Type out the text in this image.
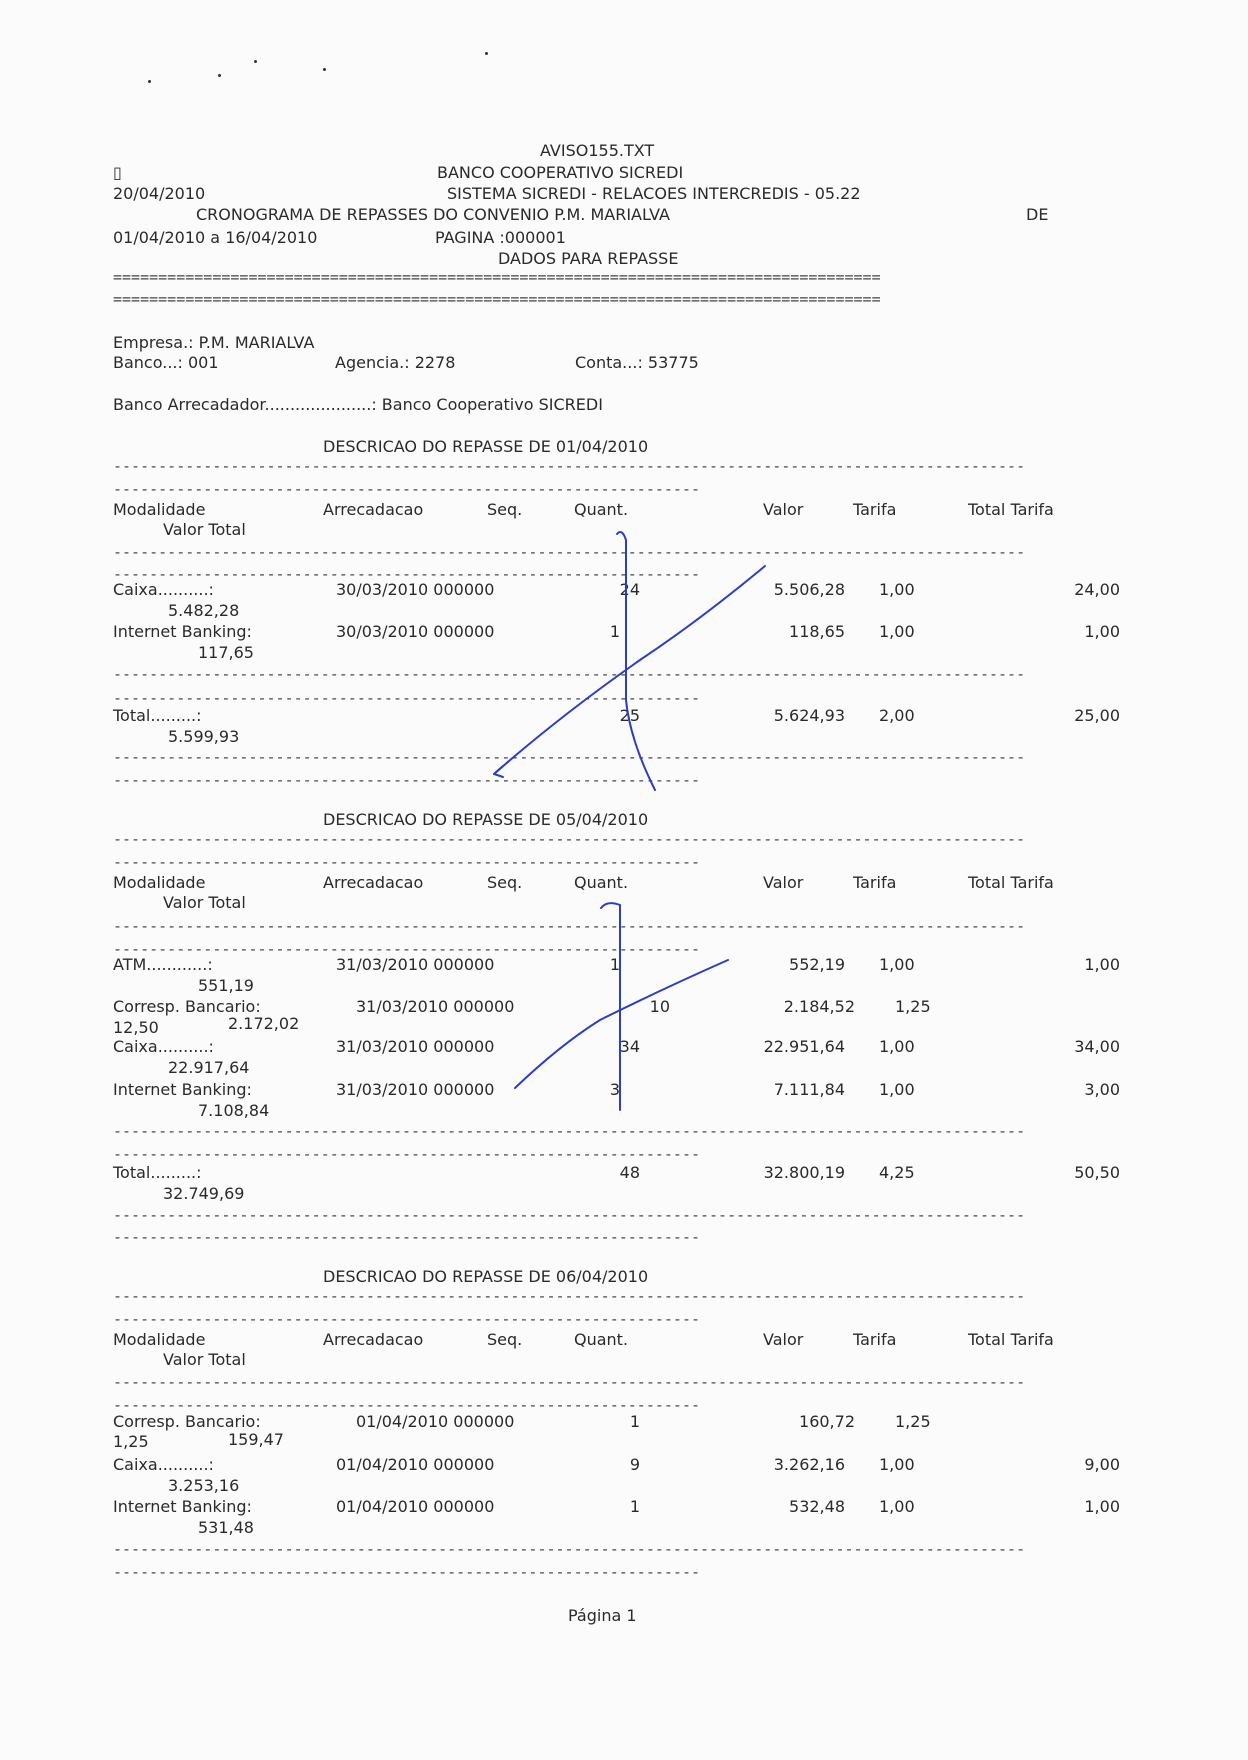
AVISO155.TXT
▯	BANCO COOPERATIVO SICREDI
20/04/2010	SISTEMA SICREDI - RELACOES INTERCREDIS - 05.22
CRONOGRAMA DE REPASSES DO CONVENIO P.M. MARIALVA	DE
01/04/2010 a 16/04/2010	PAGINA :000001
DADOS PARA REPASSE
=====================================================================================
=====================================================================================
Empresa.: P.M. MARIALVA
Banco...: 001	Agencia.: 2278	Conta...: 53775
Banco Arrecadador.....................: Banco Cooperativo SICREDI
DESCRICAO DO REPASSE DE 01/04/2010
-----------------------------------------------------------------------------------------------------
-----------------------------------------------------------------
Modalidade	Arrecadacao	Seq.	Quant.	Valor	Tarifa	Total Tarifa
Valor Total
-----------------------------------------------------------------------------------------------------
-----------------------------------------------------------------
Caixa..........:	30/03/2010 000000	24	5.506,28 1,00	24,00
5.482,28
Internet Banking:	30/03/2010 000000	1	118,65 1,00	1,00
117,65
-----------------------------------------------------------------------------------------------------
-----------------------------------------------------------------
Total.........:	25	5.624,93 2,00	25,00
5.599,93
-----------------------------------------------------------------------------------------------------
-----------------------------------------------------------------
DESCRICAO DO REPASSE DE 05/04/2010
-----------------------------------------------------------------------------------------------------
-----------------------------------------------------------------
Modalidade	Arrecadacao	Seq.	Quant.	Valor	Tarifa	Total Tarifa
Valor Total
-----------------------------------------------------------------------------------------------------
-----------------------------------------------------------------
ATM............:	31/03/2010 000000	1	552,19 1,00	1,00
551,19
Corresp. Bancario:	31/03/2010 000000	10	2.184,52	1,25
12,50	2.172,02
Caixa..........:	31/03/2010 000000	34	22.951,64 1,00	34,00
22.917,64
Internet Banking:	31/03/2010 000000	3	7.111,84 1,00	3,00
7.108,84
-----------------------------------------------------------------------------------------------------
-----------------------------------------------------------------
Total.........:	48	32.800,19 4,25	50,50
32.749,69
-----------------------------------------------------------------------------------------------------
-----------------------------------------------------------------
DESCRICAO DO REPASSE DE 06/04/2010
-----------------------------------------------------------------------------------------------------
-----------------------------------------------------------------
Modalidade	Arrecadacao	Seq.	Quant.	Valor	Tarifa	Total Tarifa
Valor Total
-----------------------------------------------------------------------------------------------------
-----------------------------------------------------------------
Corresp. Bancario:	01/04/2010 000000	1	160,72	1,25
1,25	159,47
Caixa..........:	01/04/2010 000000	9	3.262,16 1,00	9,00
3.253,16
Internet Banking:	01/04/2010 000000	1	532,48 1,00	1,00
531,48
-----------------------------------------------------------------------------------------------------
-----------------------------------------------------------------
Página 1
